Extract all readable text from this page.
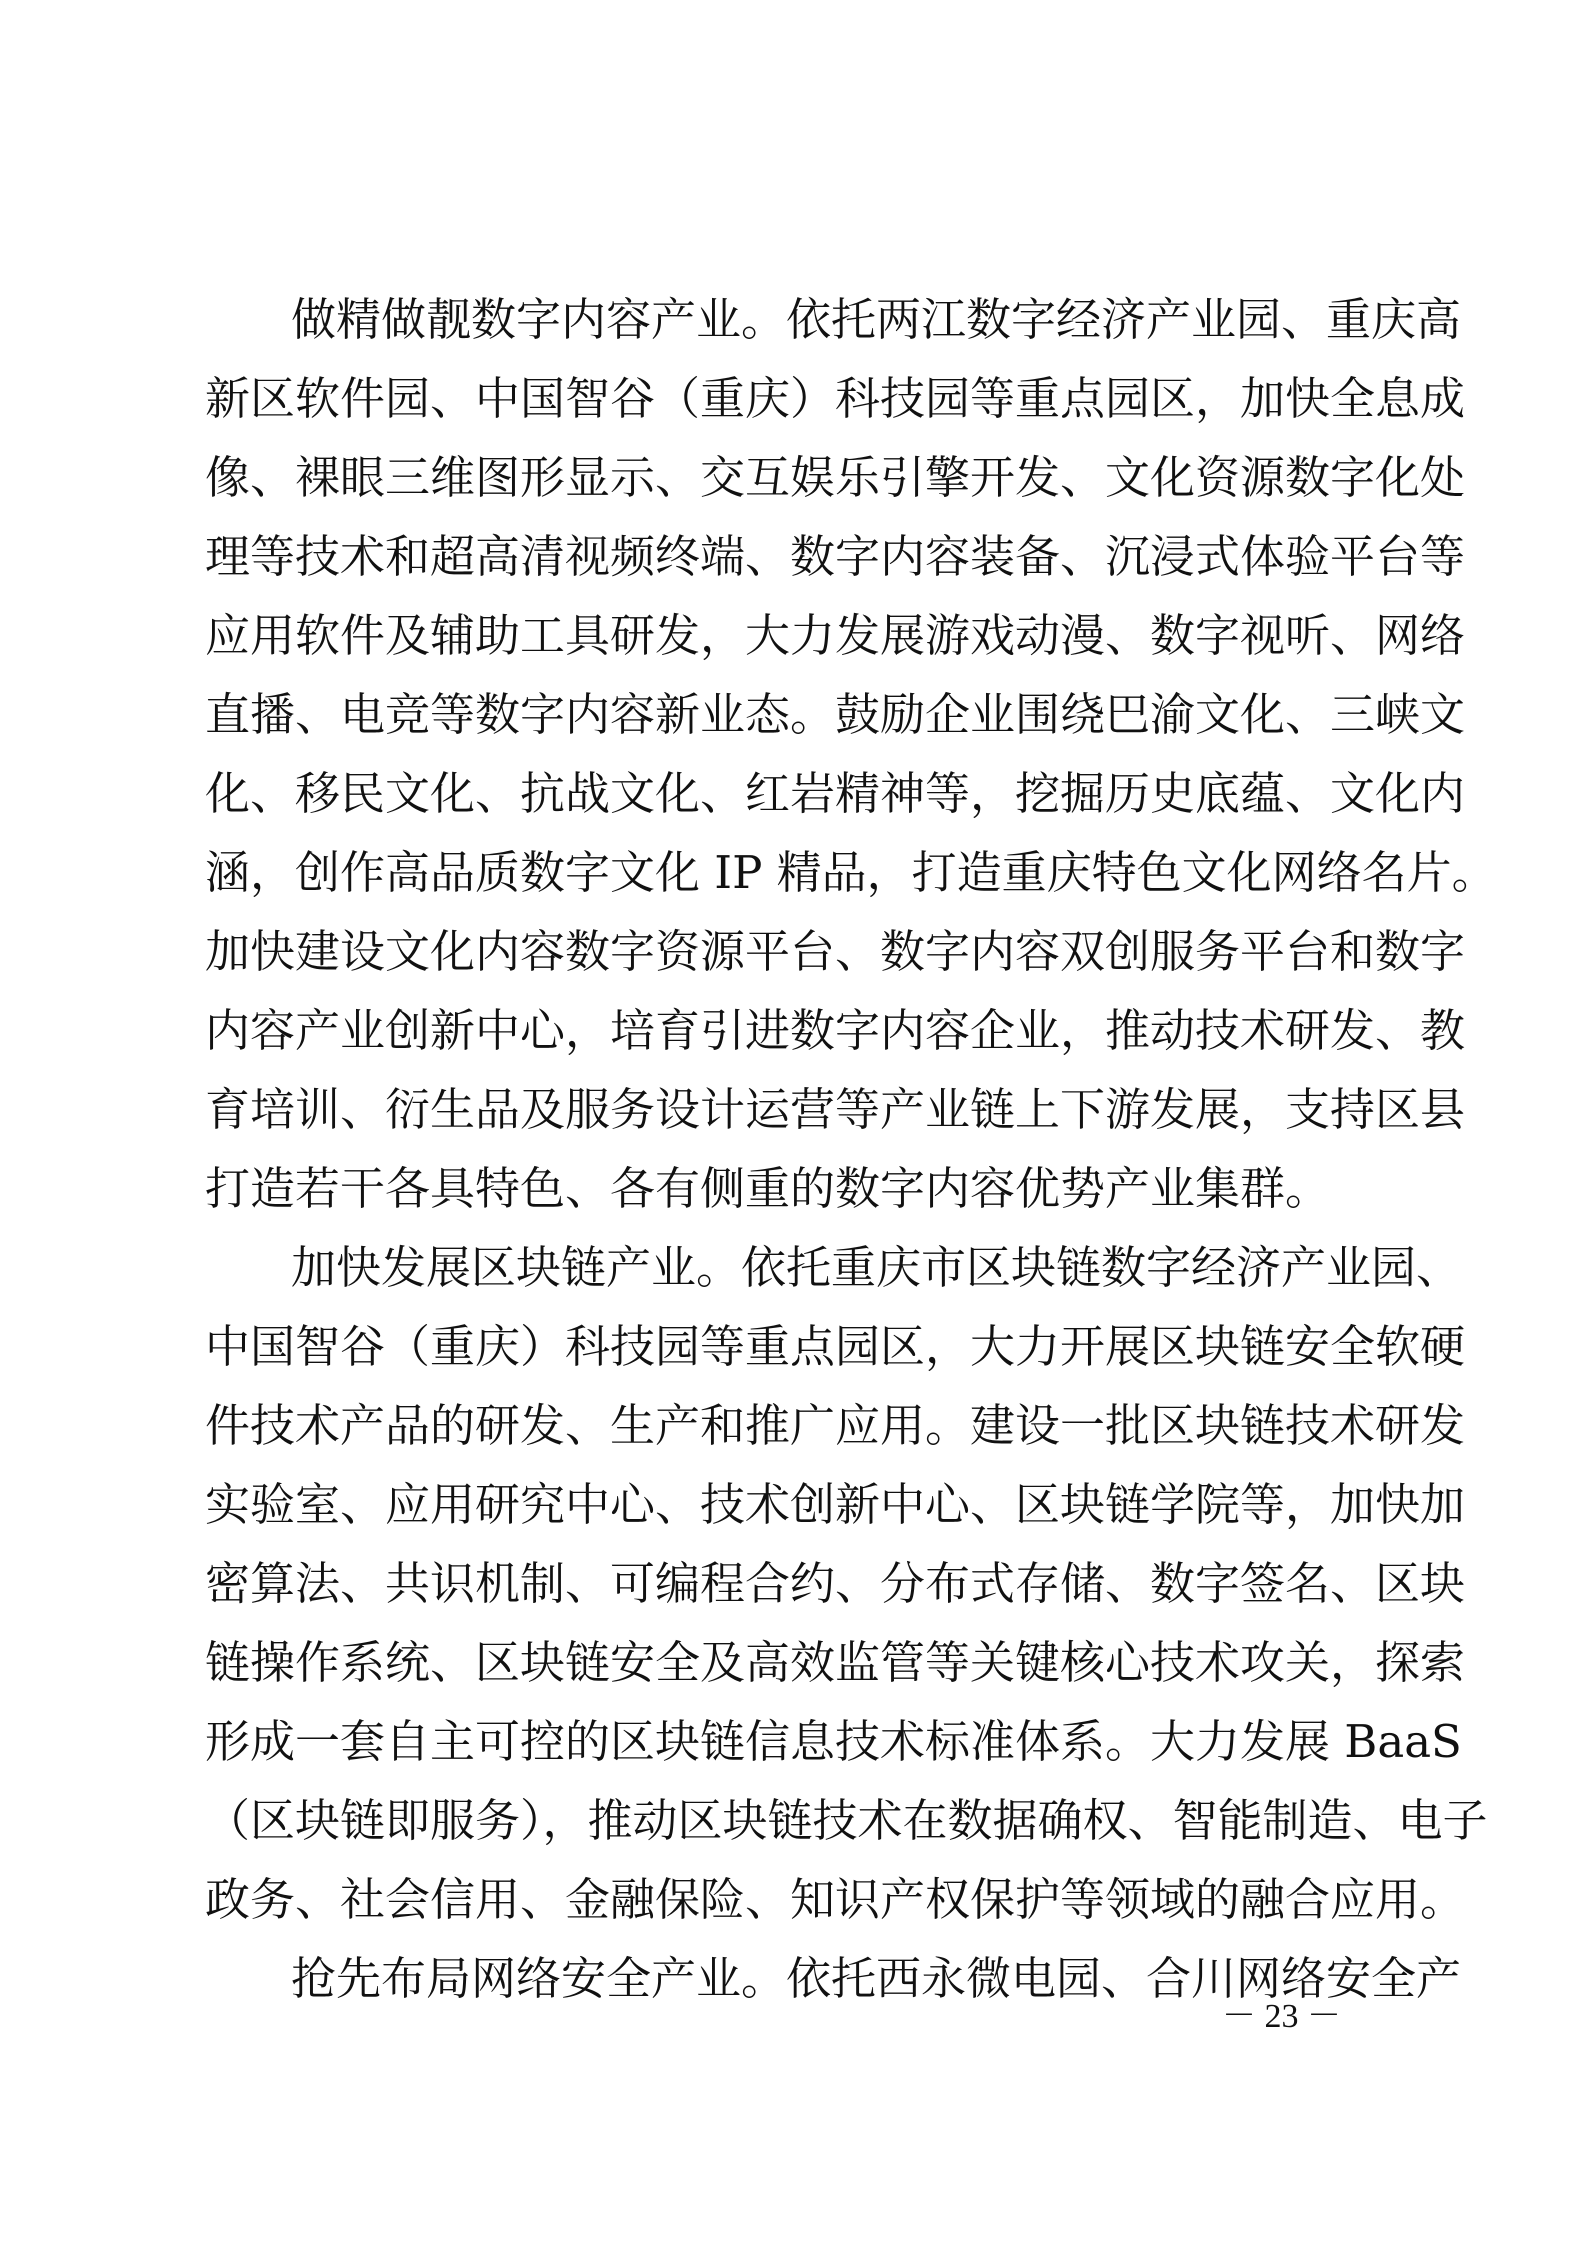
做精做靓数字内容产业。依托两江数字经济产业园、重庆高
新区软件园、中国智谷（重庆）科技园等重点园区，加快全息成
像、裸眼三维图形显示、交互娱乐引擎开发、文化资源数字化处
理等技术和超高清视频终端、数字内容装备、沉浸式体验平台等
应用软件及辅助工具研发，大力发展游戏动漫、数字视听、网络
直播、电竞等数字内容新业态。鼓励企业围绕巴渝文化、三峡文
化、移民文化、抗战文化、红岩精神等，挖掘历史底蕴、文化内
涵，创作高品质数字文化 IP 精品，打造重庆特色文化网络名片。
加快建设文化内容数字资源平台、数字内容双创服务平台和数字
内容产业创新中心，培育引进数字内容企业，推动技术研发、教
育培训、衍生品及服务设计运营等产业链上下游发展，支持区县
打造若干各具特色、各有侧重的数字内容优势产业集群。
加快发展区块链产业。依托重庆市区块链数字经济产业园、
中国智谷（重庆）科技园等重点园区，大力开展区块链安全软硬
件技术产品的研发、生产和推广应用。建设一批区块链技术研发
实验室、应用研究中心、技术创新中心、区块链学院等，加快加
密算法、共识机制、可编程合约、分布式存储、数字签名、区块
链操作系统、区块链安全及高效监管等关键核心技术攻关，探索
形成一套自主可控的区块链信息技术标准体系。大力发展 BaaS
（区块链即服务），推动区块链技术在数据确权、智能制造、电子
政务、社会信用、金融保险、知识产权保护等领域的融合应用。
抢先布局网络安全产业。依托西永微电园、合川网络安全产
－ 23 －
